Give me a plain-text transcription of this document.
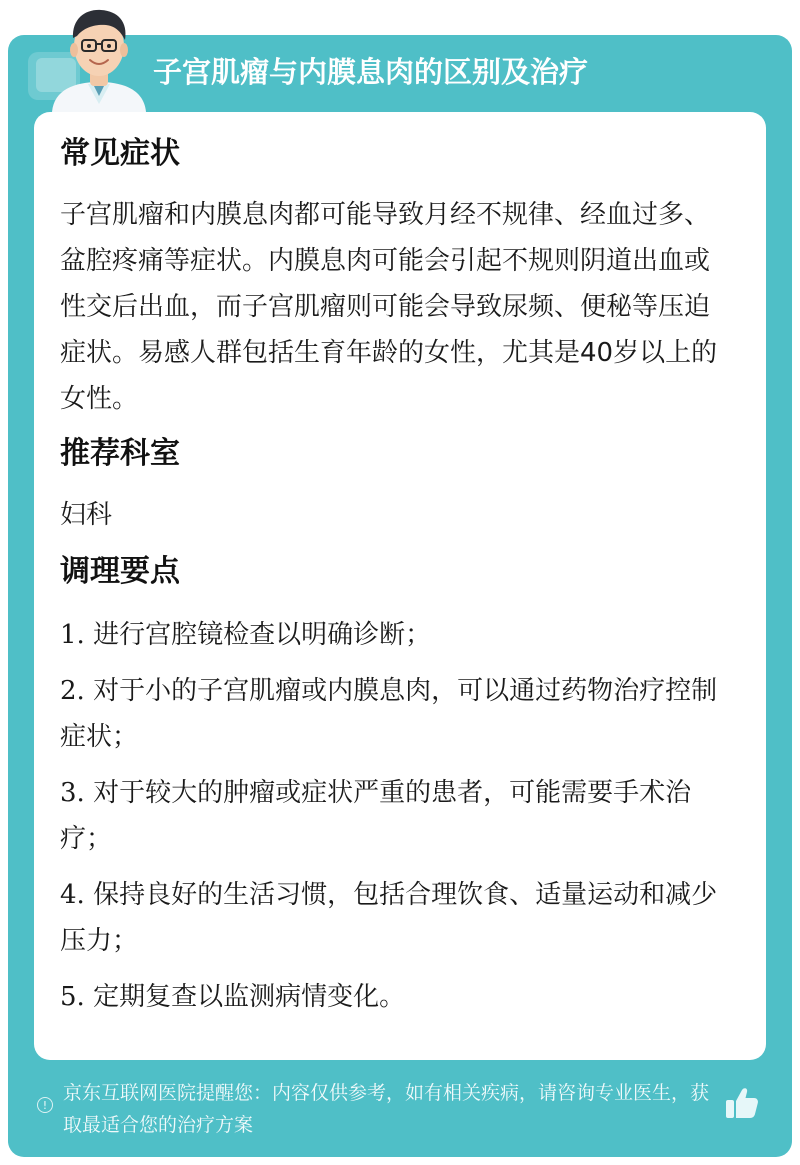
子宫肌瘤与内膜息肉的区别及治疗
常见症状

子宫肌瘤和内膜息肉都可能导致月经不规律、经血过多、盆腔疼痛等症状。内膜息肉可能会引起不规则阴道出血或性交后出血，而子宫肌瘤则可能会导致尿频、便秘等压迫症状。易感人群包括生育年龄的女性，尤其是40岁以上的女性。

推荐科室

妇科

调理要点
1. 进行宫腔镜检查以明确诊断；
2. 对于小的子宫肌瘤或内膜息肉，可以通过药物治疗控制症状；
3. 对于较大的肿瘤或症状严重的患者，可能需要手术治疗；
4. 保持良好的生活习惯，包括合理饮食、适量运动和减少压力；
5. 定期复查以监测病情变化。
!
京东互联网医院提醒您：内容仅供参考，如有相关疾病，请咨询专业医生，获取最适合您的治疗方案
